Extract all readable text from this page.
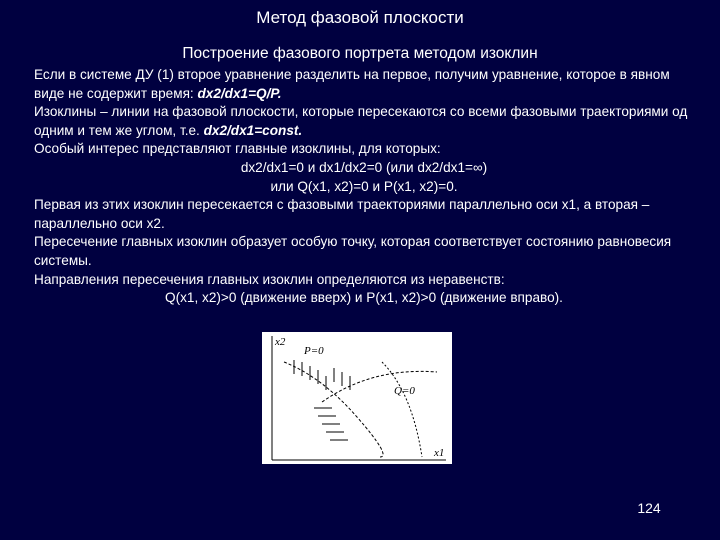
Метод фазовой плоскости
Построение фазового портрета методом изоклин

Если в системе ДУ (1) второе уравнение разделить на первое, получим уравнение, которое в явном виде не содержит время: dx2/dx1=Q/P.

Изоклины – линии на фазовой плоскости, которые пересекаются со всеми фазовыми траекториями од одним и тем же углом, т.е. dx2/dx1=const.

Особый интерес представляют главные изоклины, для которых:

dx2/dx1=0 и dx1/dx2=0 (или dx2/dx1=∞)

или Q(x1, x2)=0 и P(x1, x2)=0.

Первая из этих изоклин пересекается с фазовыми траекториями параллельно оси x1, а вторая – параллельно оси x2.

Пересечение главных изоклин образует особую точку, которая соответствует состоянию равновесия системы.

Направления пересечения главных изоклин определяются из неравенств:

Q(x1, x2)>0 (движение вверх) и P(x1, x2)>0 (движение вправо).

x2
x1
P=0
Q=0
124
